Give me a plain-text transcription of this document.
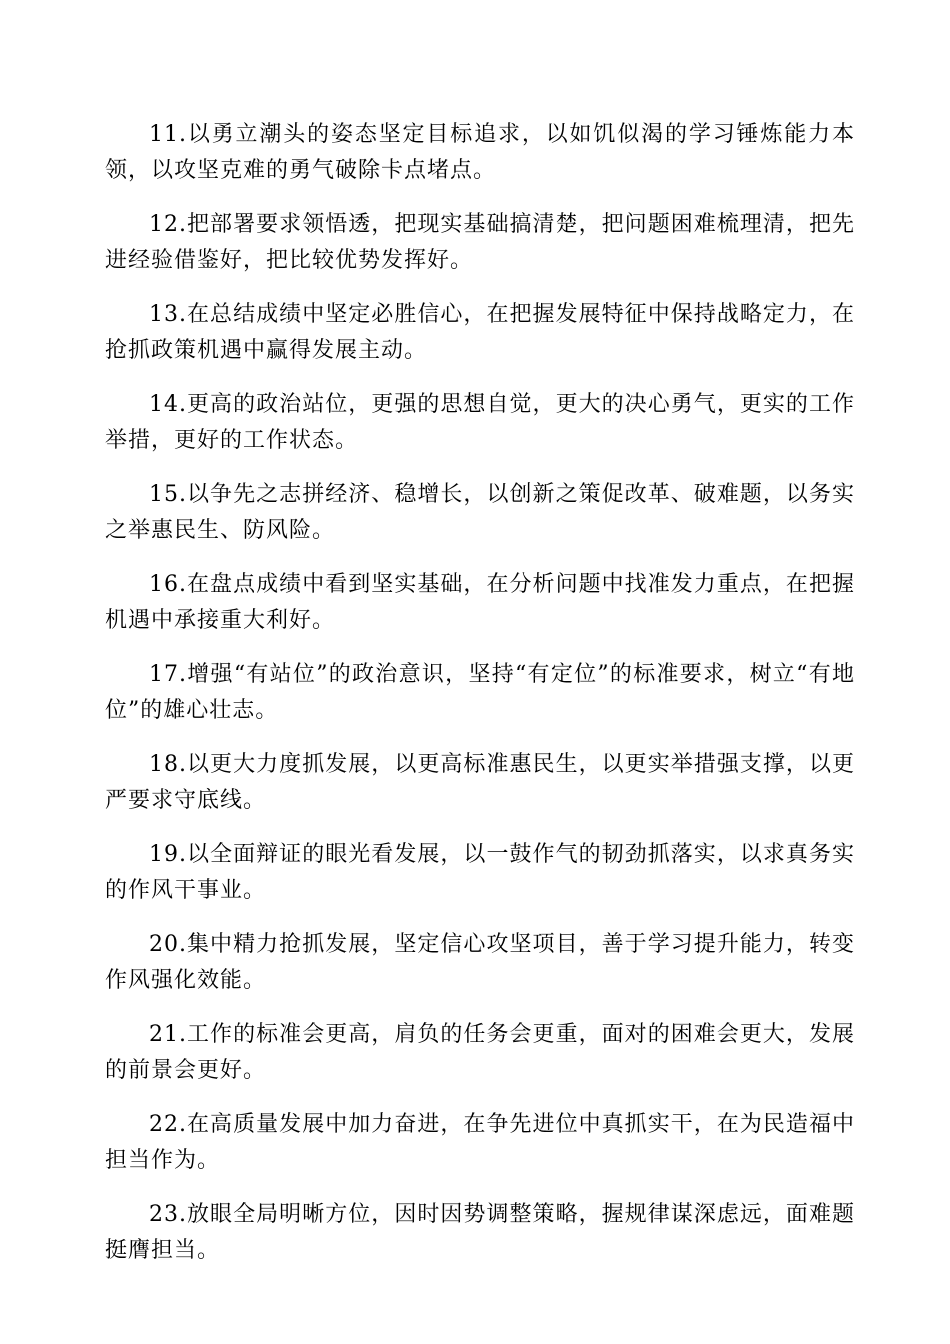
11.以勇立潮头的姿态坚定目标追求，以如饥似渴的学习锤炼能力本领，以攻坚克难的勇气破除卡点堵点。

12.把部署要求领悟透，把现实基础搞清楚，把问题困难梳理清，把先进经验借鉴好，把比较优势发挥好。

13.在总结成绩中坚定必胜信心，在把握发展特征中保持战略定力，在抢抓政策机遇中赢得发展主动。

14.更高的政治站位，更强的思想自觉，更大的决心勇气，更实的工作举措，更好的工作状态。

15.以争先之志拼经济、稳增长，以创新之策促改革、破难题，以务实之举惠民生、防风险。

16.在盘点成绩中看到坚实基础，在分析问题中找准发力重点，在把握机遇中承接重大利好。

17.增强“有站位”的政治意识，坚持“有定位”的标准要求，树立“有地位”的雄心壮志。

18.以更大力度抓发展，以更高标准惠民生，以更实举措强支撑，以更严要求守底线。

19.以全面辩证的眼光看发展，以一鼓作气的韧劲抓落实，以求真务实的作风干事业。

20.集中精力抢抓发展，坚定信心攻坚项目，善于学习提升能力，转变作风强化效能。

21.工作的标准会更高，肩负的任务会更重，面对的困难会更大，发展的前景会更好。

22.在高质量发展中加力奋进，在争先进位中真抓实干，在为民造福中担当作为。

23.放眼全局明晰方位，因时因势调整策略，握规律谋深虑远，面难题挺膺担当。
